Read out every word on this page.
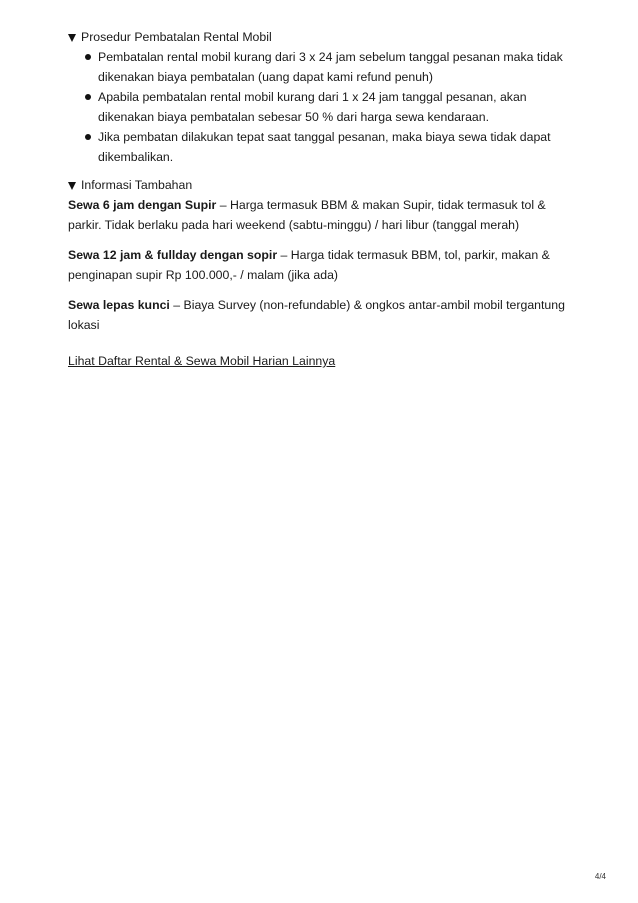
Prosedur Pembatalan Rental Mobil
Pembatalan rental mobil kurang dari 3 x 24 jam sebelum tanggal pesanan maka tidak dikenakan biaya pembatalan (uang dapat kami refund penuh)
Apabila pembatalan rental mobil kurang dari 1 x 24 jam tanggal pesanan, akan dikenakan biaya pembatalan sebesar 50 % dari harga sewa kendaraan.
Jika pembatan dilakukan tepat saat tanggal pesanan, maka biaya sewa tidak dapat dikembalikan.
Informasi Tambahan

Sewa 6 jam dengan Supir – Harga termasuk BBM & makan Supir, tidak termasuk tol & parkir. Tidak berlaku pada hari weekend (sabtu-minggu) / hari libur (tanggal merah)

Sewa 12 jam & fullday dengan sopir – Harga tidak termasuk BBM, tol, parkir, makan & penginapan supir Rp 100.000,- / malam (jika ada)

Sewa lepas kunci – Biaya Survey (non-refundable) & ongkos antar-ambil mobil tergantung lokasi

Lihat Daftar Rental & Sewa Mobil Harian Lainnya
4/4
